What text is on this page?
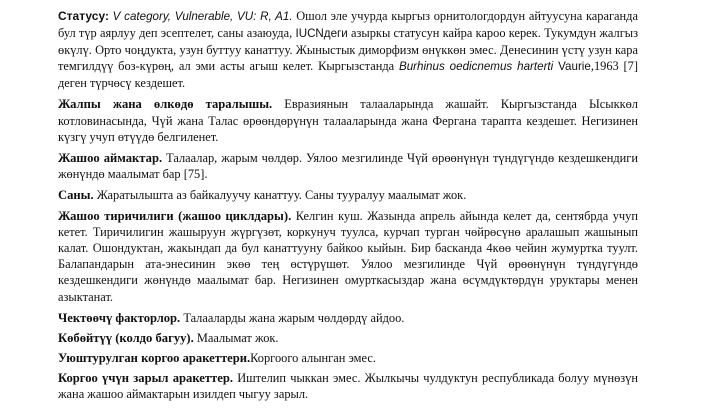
Статусу: V category, Vulnerable, VU: R, A1. Ошол эле учурда кыргыз орнитологдордун айтуусуна караганда бул түр аярлуу деп эсептелет, саны азаюуда, IUCNдеги азыркы статусун кайра кароо керек. Тукумдун жалгыз өкүлү. Орто чоңдукта, узун буттуу канаттуу. Жыныстык диморфизм өнүккөн эмес. Денесинин үстү узун кара темгилдүү боз-күрөң, ал эми асты агыш келет. Кыргызстанда Burhinus oedicnemus harterti Vaurie,1963 [7] деген түрчөсү кездешет.

Жалпы жана өлкөдө таралышы. Евразиянын талааларында жашайт. Кыргызстанда Ысыккөл котловинасында, Чүй жана Талас өрөөндөрүнүн талааларында жана Фергана тарапта кездешет. Негизинен күзгү учуп өтүүдө белгиленет.

Жашоо аймактар. Талаалар, жарым чөлдөр. Уялоо мезгилинде Чүй өрөөнүнүн түндүгүндө кездешкендиги жөнүндө маалымат бар [75].

Саны. Жаратылышта аз байкалуучу канаттуу. Саны тууралуу маалымат жок.

Жашоо тиричилиги (жашоо циклдары). Келгин куш. Жазында апрель айында келет да, сентябрда учуп кетет. Тиричилигин жашыруун жүргүзөт, коркунуч туулса, курчап турган чөйрөсүнө аралашып жашынып калат. Ошондуктан, жакындап да бул канаттууну байкоо кыйын. Бир басканда 4көө чейин жумуртка туулт. Балапандарын ата-энесинин экөө тең өстүрүшөт. Уялоо мезгилинде Чүй өрөөнүнүн түндүгүндө кездешкендиги жөнүндө маалымат бар. Негизинен омурткасыздар жана өсүмдүктөрдүн уруктары менен азыктанат.

Чектөөчү факторлор. Талааларды жана жарым чөлдөрдү айдоо.

Көбөйтүү (колдо багуу). Маалымат жок.

Уюштурулган коргоо аракеттери.Коргоого алынган эмес.

Коргоо үчүн зарыл аракеттер. Иштелип чыккан эмес. Жылкычы чулдуктун республикада болуу мүнөзүн жана жашоо аймактарын изилдеп чыгуу зарыл.
